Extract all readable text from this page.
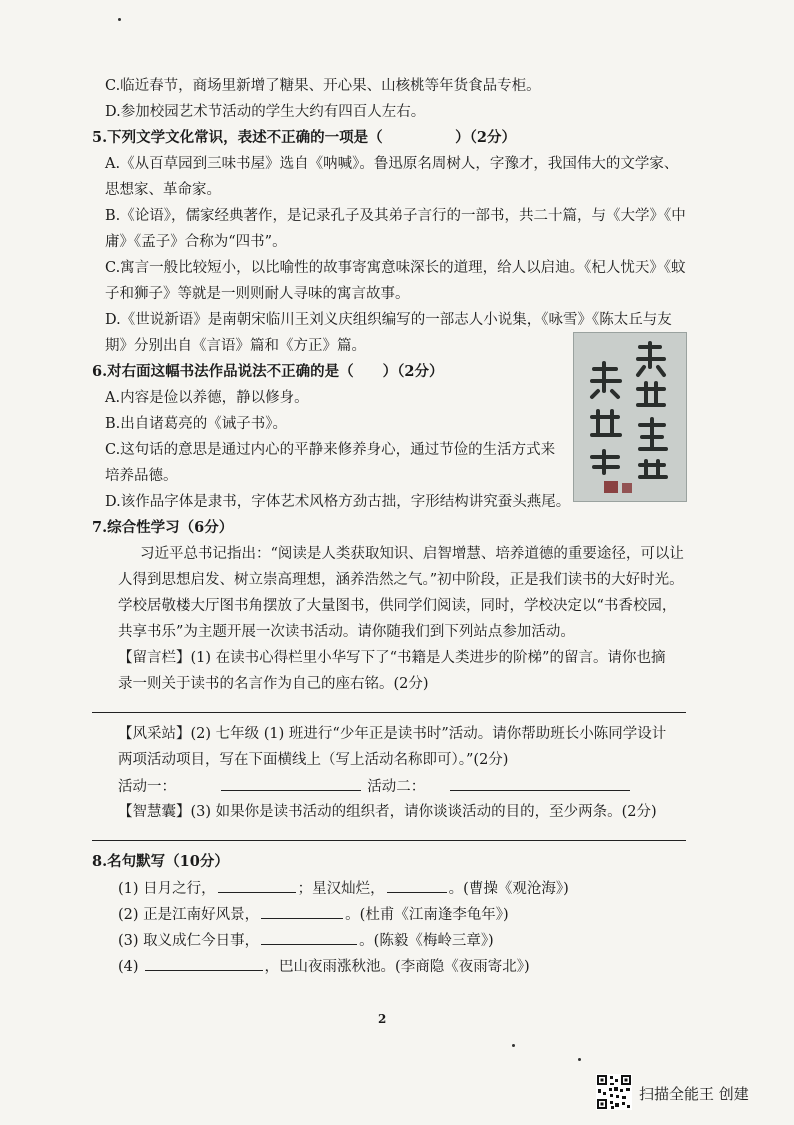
C.临近春节，商场里新增了糖果、开心果、山核桃等年货食品专柜。
D.参加校园艺术节活动的学生大约有四百人左右。
5.下列文学文化常识，表述不正确的一项是（　　　　　）（2分）
A.《从百草园到三味书屋》选自《呐喊》。鲁迅原名周树人，字豫才，我国伟大的文学家、
思想家、革命家。
B.《论语》，儒家经典著作，是记录孔子及其弟子言行的一部书，共二十篇，与《大学》《中
庸》《孟子》合称为“四书”。
C.寓言一般比较短小，以比喻性的故事寄寓意味深长的道理，给人以启迪。《杞人忧天》《蚊
子和狮子》等就是一则则耐人寻味的寓言故事。
D.《世说新语》是南朝宋临川王刘义庆组织编写的一部志人小说集，《咏雪》《陈太丘与友
期》分别出自《言语》篇和《方正》篇。
6.对右面这幅书法作品说法不正确的是（　　）（2分）
A.内容是俭以养德，静以修身。
B.出自诸葛亮的《诫子书》。
C.这句话的意思是通过内心的平静来修养身心，通过节俭的生活方式来
培养品德。
D.该作品字体是隶书，字体艺术风格方劲古拙，字形结构讲究蚕头燕尾。
7.综合性学习（6分）
习近平总书记指出：“阅读是人类获取知识、启智增慧、培养道德的重要途径，可以让
人得到思想启发、树立崇高理想，涵养浩然之气。”初中阶段，正是我们读书的大好时光。
学校居敬楼大厅图书角摆放了大量图书，供同学们阅读，同时，学校决定以“书香校园，
共享书乐”为主题开展一次读书活动。请你随我们到下列站点参加活动。
【留言栏】(1) 在读书心得栏里小华写下了“书籍是人类进步的阶梯”的留言。请你也摘
录一则关于读书的名言作为自己的座右铭。(2分)
【风采站】(2) 七年级 (1) 班进行“少年正是读书时”活动。请你帮助班长小陈同学设计
两项活动项目，写在下面横线上（写上活动名称即可）。”(2分)
活动一：	活动二：
【智慧囊】(3) 如果你是读书活动的组织者，请你谈谈活动的目的，至少两条。(2分)
8.名句默写（10分）
(1) 日月之行，	；星汉灿烂，	。(曹操《观沧海》)
(2) 正是江南好风景，	。(杜甫《江南逢李龟年》)
(3) 取义成仁今日事，	。(陈毅《梅岭三章》)
(4)	，巴山夜雨涨秋池。(李商隐《夜雨寄北》)
2
扫描全能王 创建
